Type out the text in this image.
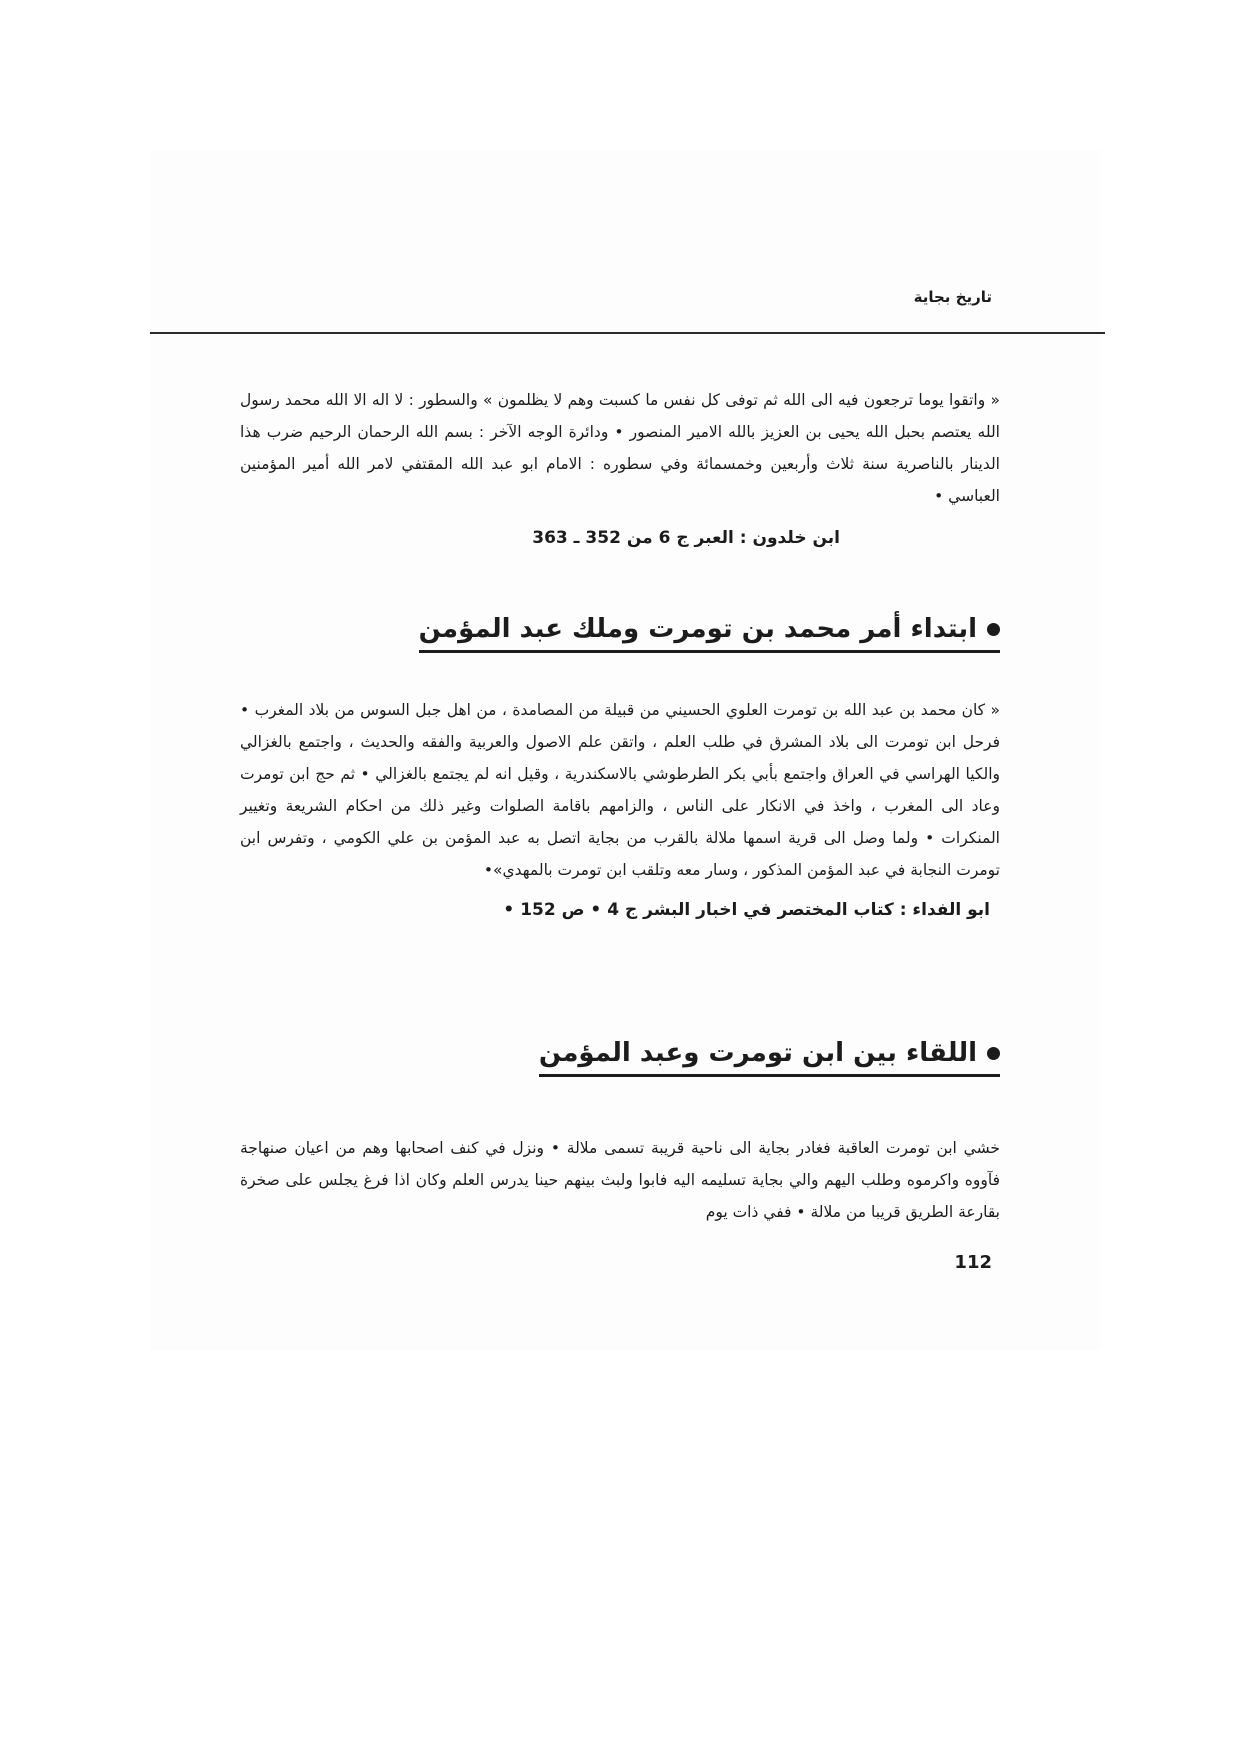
تاريخ بجاية

« واتقوا يوما ترجعون فيه الى الله ثم توفى كل نفس ما كسبت وهم لا يظلمون » والسطور : لا اله الا الله محمد رسول الله يعتصم بحبل الله يحيى بن العزيز بالله الامير المنصور • ودائرة الوجه الآخر : بسم الله الرحمان الرحيم ضرب هذا الدينار بالناصرية سنة ثلاث وأربعين وخمسمائة وفي سطوره : الامام ابو عبد الله المقتفي لامر الله أمير المؤمنين العباسي •

ابن خلدون : العبر ج 6 من 352 ـ 363

ابتداء أمر محمد بن تومرت وملك عبد المؤمن

« كان محمد بن عبد الله بن تومرت العلوي الحسيني من قبيلة من المصامدة ، من اهل جبل السوس من بلاد المغرب • فرحل ابن تومرت الى بلاد المشرق في طلب العلم ، واتقن علم الاصول والعربية والفقه والحديث ، واجتمع بالغزالي والكيا الهراسي في العراق واجتمع بأبي بكر الطرطوشي بالاسكندرية ، وقيل انه لم يجتمع بالغزالي • ثم حج ابن تومرت وعاد الى المغرب ، واخذ في الانكار على الناس ، والزامهم باقامة الصلوات وغير ذلك من احكام الشريعة وتغيير المنكرات • ولما وصل الى قرية اسمها ملالة بالقرب من بجاية اتصل به عبد المؤمن بن علي الكومي ، وتفرس ابن تومرت النجابة في عبد المؤمن المذكور ، وسار معه وتلقب ابن تومرت بالمهدي»•

ابو الفداء : كتاب المختصر في اخبار البشر ج 4 • ص 152 •

اللقاء بين ابن تومرت وعبد المؤمن

خشي ابن تومرت العاقبة فغادر بجاية الى ناحية قريبة تسمى ملالة • ونزل في كنف اصحابها وهم من اعيان صنهاجة فآووه واكرموه وطلب اليهم والي بجاية تسليمه اليه فابوا ولبث بينهم حينا يدرس العلم وكان اذا فرغ يجلس على صخرة بقارعة الطريق قريبا من ملالة • ففي ذات يوم

112
